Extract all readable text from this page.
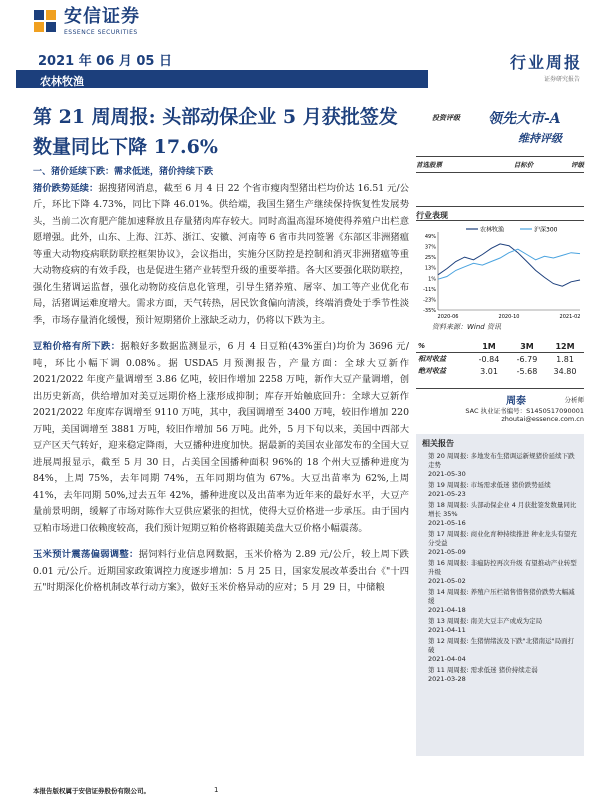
安信证券
ESSENCE SECURITIES
2021 年 06 月 05 日
农林牧渔
行业周报
证券研究报告
第 21 周周报: 头部动保企业 5 月获批签发数量同比下降 17.6%
投资评级 领先大市-A
维持评级
首选股票	目标价	评级
行业表现
农林牧渔	沪深300
-35%
-23%
-11%
1%
13%
25%
37%
49%
2020-06	2020-10	2021-02
资料来源：Wind 资讯
%	1M	3M	12M
相对收益	-0.84	-6.79	1.81
绝对收益	3.01	-5.68	34.80
周泰	分析师
SAC 执业证书编号：S1450517090001
zhoutai@essence.com.cn
相关报告
第 20 周周报: 多地发布生猪调运新规猪价延续下跌走势
2021-05-30
第 19 周周报: 市场需求低迷 猪价跌势延续
2021-05-23
第 18 周周报: 头部动保企业 4 月获批签发数量同比增长 35%
2021-05-16
第 17 周周报: 商业化育种持续推进 种业龙头有望充分受益
2021-05-09
第 16 周周报: 非瘟防控再次升级 有望推动产业转型升级
2021-05-02
第 14 周周报: 养殖户压栏销售惜售猪价跌势大幅减缓
2021-04-18
第 13 周周报: 南美大豆丰产或成为定局
2021-04-11
第 12 周周报: 生猪情绪波及下跌"北猪南运"局面打破
2021-04-04
第 11 周周报: 需求低迷 猪价持续走弱
2021-03-28
一、猪价延续下跌：需求低迷，猪价持续下跌
猪价跌势延续：据搜猪网消息，截至 6 月 4 日 22 个省市瘦肉型猪出栏均价达 16.51 元/公斤，环比下降 4.73%，同比下降 46.01%。供给端，我国生猪生产继续保持恢复性发展势头，当前二次育肥产能加速释放且存量猪肉库存较大。同时高温高湿环境使得养殖户出栏意愿增强。此外，山东、上海、江苏、浙江、安徽、河南等 6 省市共同签署《东部区非洲猪瘟等重大动物疫病联防联控框架协议》，会议指出，实施分区防控是控制和消灭非洲猪瘟等重大动物疫病的有效手段，也是促进生猪产业转型升级的重要举措。各大区要强化联防联控，强化生猪调运监督，强化动物防疫信息化管理，引导生猪养殖、屠宰、加工等产业优化布局，活猪调运难度增大。需求方面，天气转热，居民饮食偏向清淡，终端消费处于季节性淡季，市场存量消化缓慢，预计短期猪价上涨缺乏动力，仍将以下跌为主。
豆粕价格有所下跌：据粮好多数据监测显示，6 月 4 日豆粕(43%蛋白)均价为 3696 元/吨，环比小幅下调 0.08%。据 USDA5 月预测报告，产量方面：全球大豆新作 2021/2022 年度产量调增至 3.86 亿吨，较旧作增加 2258 万吨，新作大豆产量调增，创出历史新高，供给增加对美豆远期价格上涨形成抑制；库存开始触底回升：全球大豆新作 2021/2022 年度库存调增至 9110 万吨，其中，我国调增至 3400 万吨，较旧作增加 220 万吨，美国调增至 3881 万吨，较旧作增加 56 万吨。此外，5 月下旬以来，美国中西部大豆产区天气转好，迎来稳定降雨，大豆播种进度加快。据最新的美国农业部发布的全国大豆进展周报显示，截至 5 月 30 日，占美国全国播种面积 96%的 18 个州大豆播种进度为 84%，上周 75%，去年同期 74%，五年同期均值为 67%。大豆出苗率为 62%,上周 41%，去年同期 50%,过去五年 42%，播种进度以及出苗率为近年来的最好水平，大豆产量前景明朗，缓解了市场对陈作大豆供应紧张的担忧，使得大豆价格进一步承压。由于国内豆粕市场进口依赖度较高，我们预计短期豆粕价格将跟随美盘大豆价格小幅震荡。
玉米预计震荡偏弱调整：据饲料行业信息网数据，玉米价格为 2.89 元/公斤，较上周下跌 0.01 元/公斤。近期国家政策调控力度逐步增加：5 月 25 日，国家发展改革委出台《"十四五"时期深化价格机制改革行动方案》，做好玉米价格异动的应对；5 月 29 日，中储粮
本报告版权属于安信证券股份有限公司。	1
